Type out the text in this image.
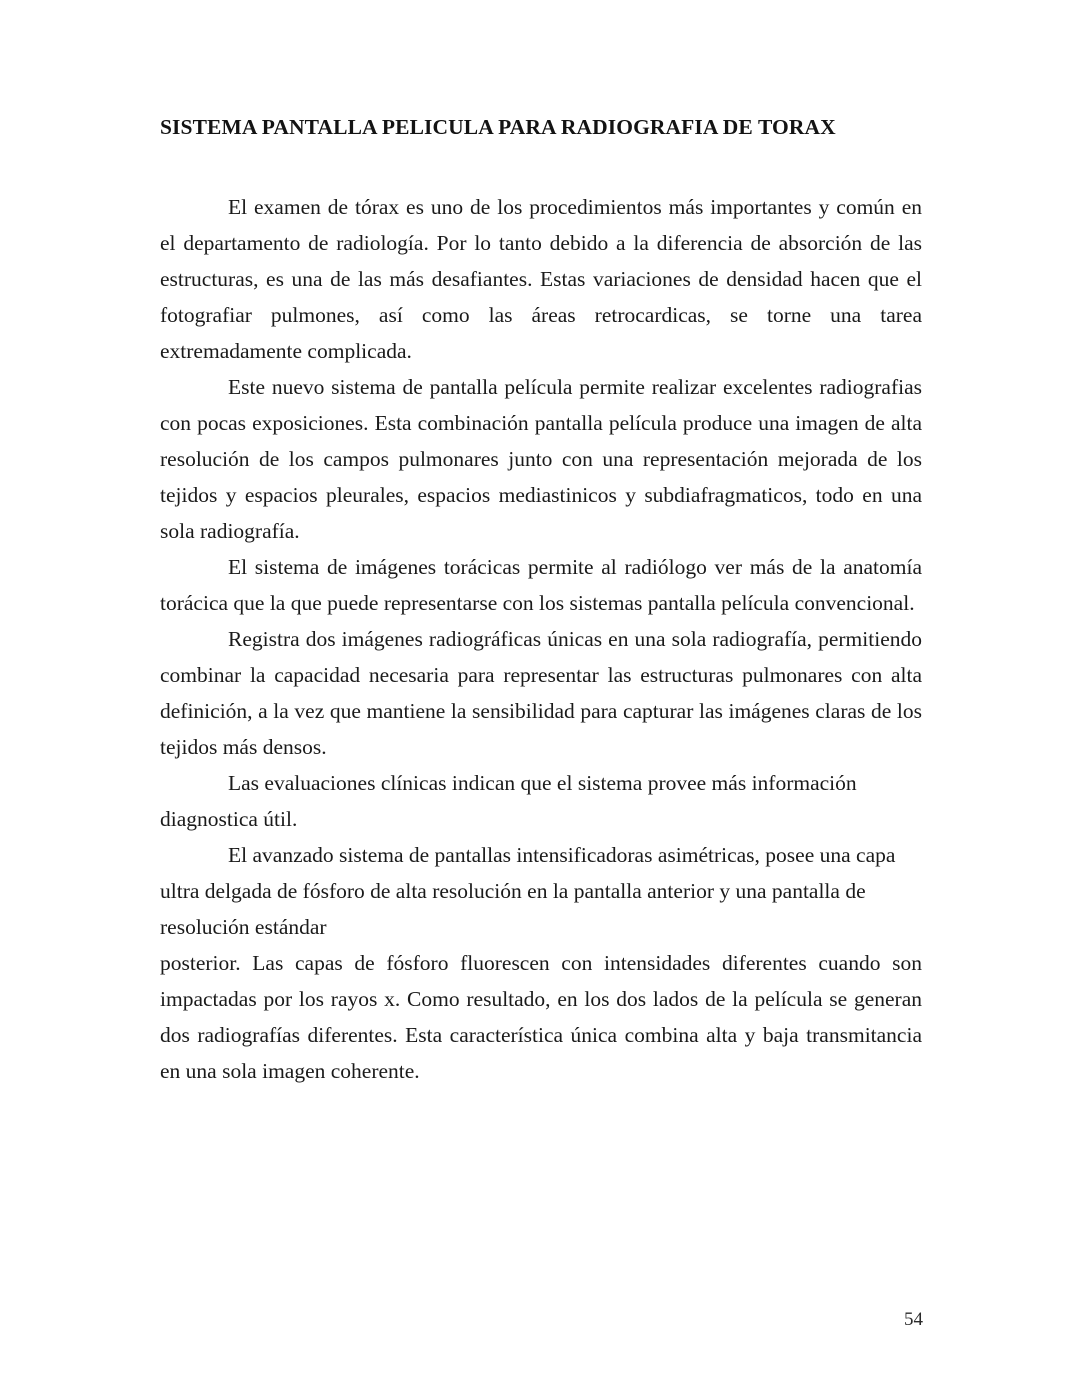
SISTEMA PANTALLA PELICULA PARA RADIOGRAFIA DE TORAX

El examen de tórax es uno de los procedimientos más importantes y común en el departamento de radiología. Por lo tanto debido a la diferencia de absorción de las estructuras, es una de las más desafiantes. Estas variaciones de densidad hacen que el fotografiar pulmones, así como las áreas retrocardicas, se torne una tarea extremadamente complicada.

Este nuevo sistema de pantalla película permite realizar excelentes radiografias con pocas exposiciones. Esta combinación pantalla película produce una imagen de alta resolución de los campos pulmonares junto con una representación mejorada de los tejidos y espacios pleurales, espacios mediastinicos y subdiafragmaticos, todo en una sola radiografía.

El sistema de imágenes torácicas permite al radiólogo ver más de la anatomía torácica que la que puede representarse con los sistemas pantalla película convencional.

Registra dos imágenes radiográficas únicas en una sola radiografía, permitiendo combinar la capacidad necesaria para representar las estructuras pulmonares con alta definición, a la vez que mantiene la sensibilidad para capturar las imágenes claras de los tejidos más densos.

Las evaluaciones clínicas indican que el sistema provee más información diagnostica útil.

El avanzado sistema de pantallas intensificadoras asimétricas, posee una capa ultra delgada de fósforo de alta resolución en la pantalla anterior y una pantalla de resolución estándar

posterior. Las capas de fósforo fluorescen con intensidades diferentes cuando son impactadas por los rayos x. Como resultado, en los dos lados de la película se generan dos radiografías diferentes. Esta característica única combina alta y baja transmitancia en una sola imagen coherente.

54
